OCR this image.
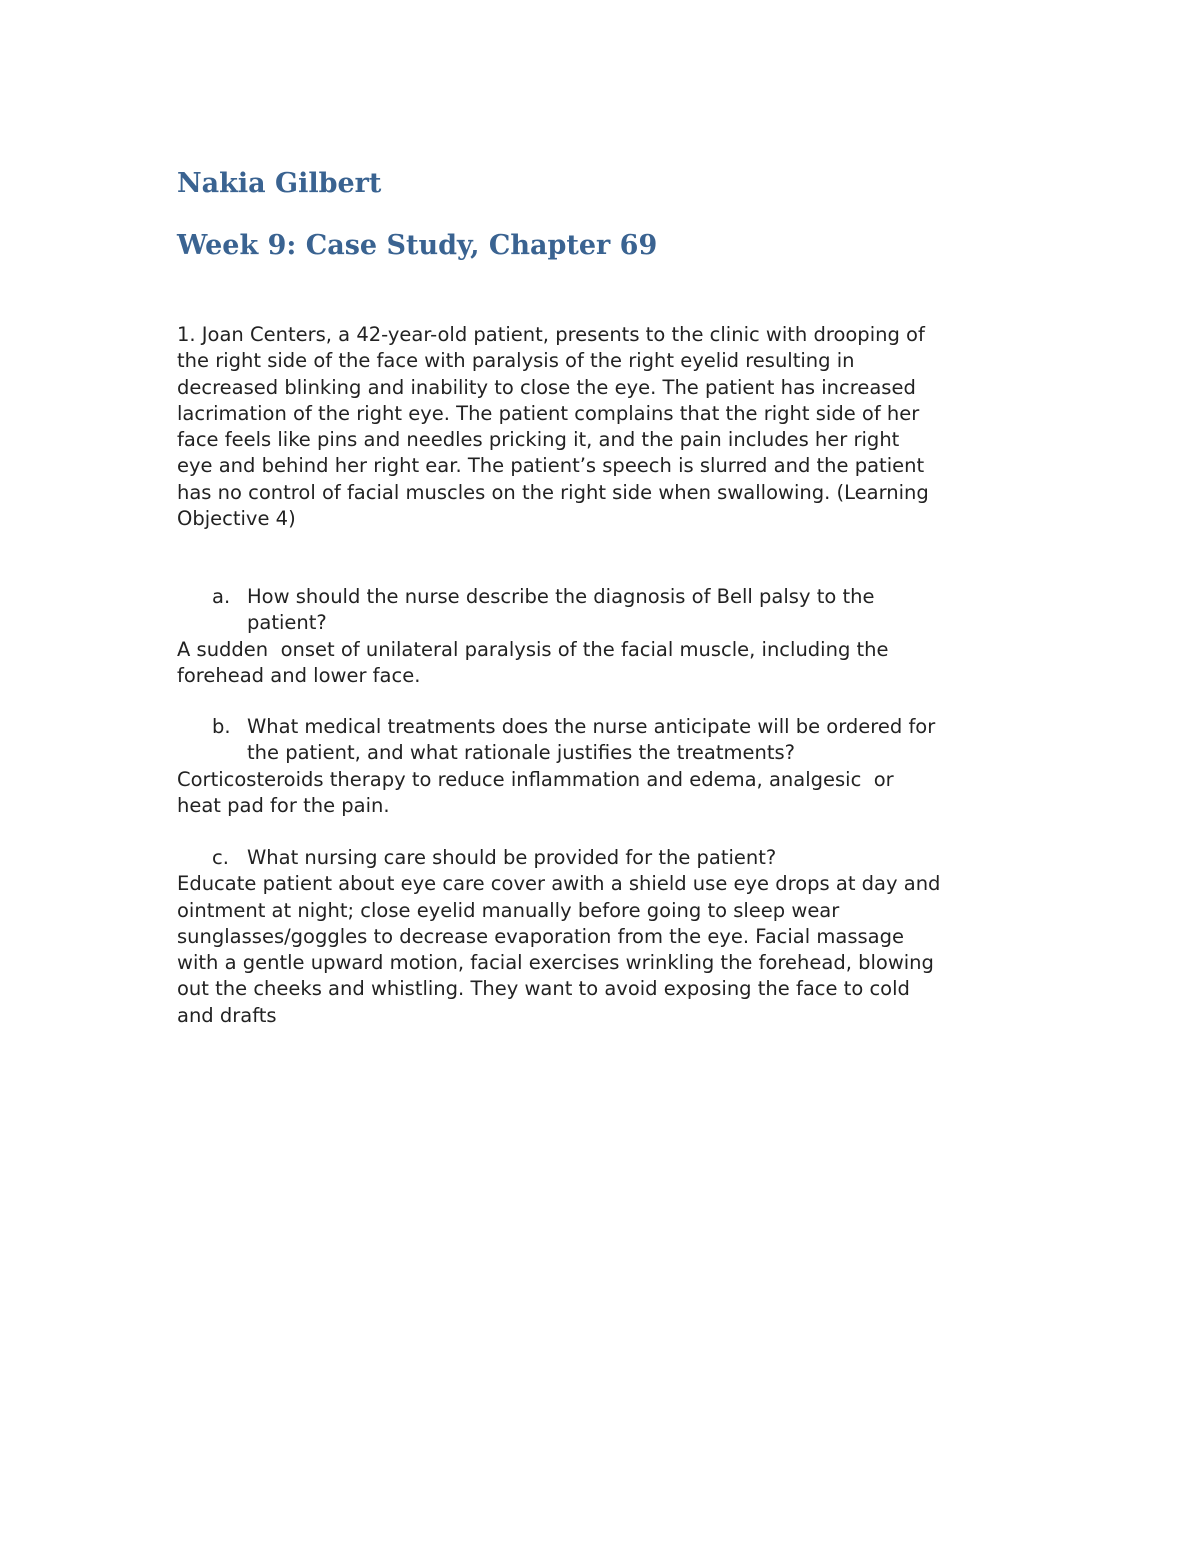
Nakia Gilbert
Week 9: Case Study, Chapter 69
1. Joan Centers, a 42-year-old patient, presents to the clinic with drooping of
the right side of the face with paralysis of the right eyelid resulting in
decreased blinking and inability to close the eye. The patient has increased
lacrimation of the right eye. The patient complains that the right side of her
face feels like pins and needles pricking it, and the pain includes her right
eye and behind her right ear. The patient’s speech is slurred and the patient
has no control of facial muscles on the right side when swallowing. (Learning
Objective 4)
a. How should the nurse describe the diagnosis of Bell palsy to the
patient?
A sudden  onset of unilateral paralysis of the facial muscle, including the
forehead and lower face.
b. What medical treatments does the nurse anticipate will be ordered for
the patient, and what rationale justifies the treatments?
Corticosteroids therapy to reduce inflammation and edema, analgesic  or
heat pad for the pain.
c. What nursing care should be provided for the patient?
Educate patient about eye care cover awith a shield use eye drops at day and
ointment at night; close eyelid manually before going to sleep wear
sunglasses/goggles to decrease evaporation from the eye. Facial massage
with a gentle upward motion, facial exercises wrinkling the forehead, blowing
out the cheeks and whistling. They want to avoid exposing the face to cold
and drafts
